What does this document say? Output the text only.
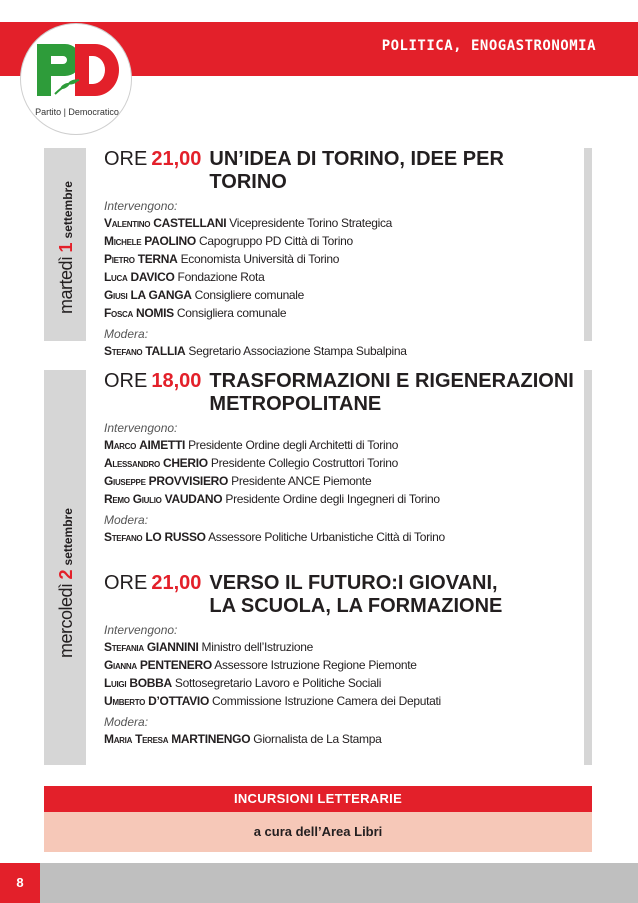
POLITICA, ENOGASTRONOMIA
Partito | Democratico
martedì1settembre
ORE 21,00 UN’IDEA DI TORINO, IDEE PER TORINO
Intervengono:
Valentino CASTELLANI Vicepresidente Torino Strategica
Michele PAOLINO Capogruppo PD Città di Torino
Pietro TERNA Economista Università di Torino
Luca DAVICO Fondazione Rota
Giusi LA GANGA Consigliere comunale
Fosca NOMIS Consigliera comunale
Modera:
Stefano TALLIA Segretario Associazione Stampa Subalpina
mercoledì2settembre
ORE 18,00 TRASFORMAZIONI E RIGENERAZIONI
METROPOLITANE
Intervengono:
Marco AIMETTI Presidente Ordine degli Architetti di Torino
Alessandro CHERIO Presidente Collegio Costruttori Torino
Giuseppe PROVVISIERO Presidente ANCE Piemonte
Remo Giulio VAUDANO Presidente Ordine degli Ingegneri di Torino
Modera:
Stefano LO RUSSO Assessore Politiche Urbanistiche Città di Torino
ORE 21,00 VERSO IL FUTURO:I GIOVANI,
LA SCUOLA, LA FORMAZIONE
Intervengono:
Stefania GIANNINI Ministro dell’Istruzione
Gianna PENTENERO Assessore Istruzione Regione Piemonte
Luigi BOBBA Sottosegretario Lavoro e Politiche Sociali
Umberto D’OTTAVIO Commissione Istruzione Camera dei Deputati
Modera:
Maria Teresa MARTINENGO Giornalista de La Stampa
INCURSIONI LETTERARIE
a cura dell’Area Libri
8
